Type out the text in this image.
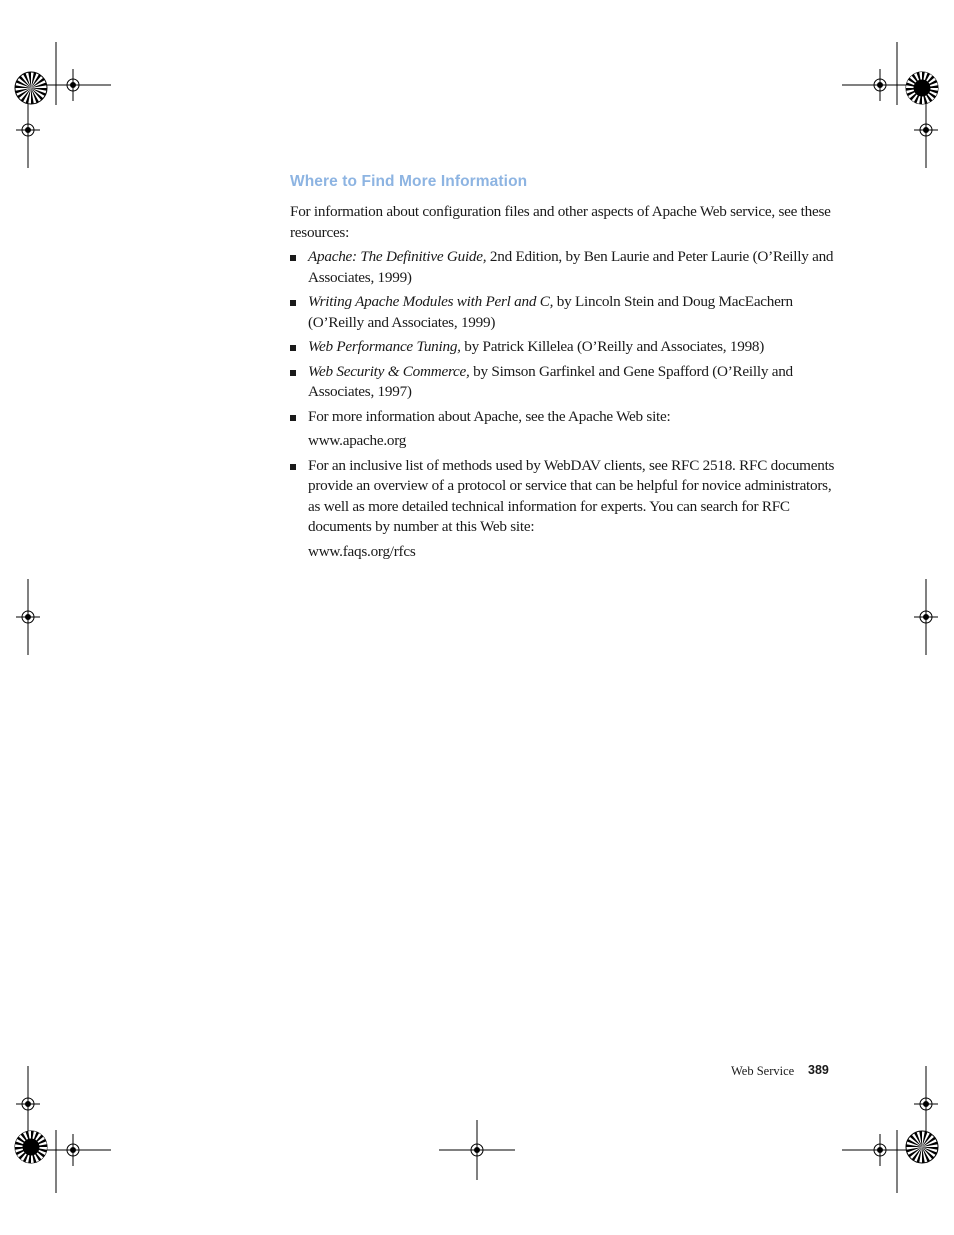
Where to Find More Information
For information about configuration files and other aspects of Apache Web service, see these resources:

Apache: The Definitive Guide, 2nd Edition, by Ben Laurie and Peter Laurie (O’Reilly and Associates, 1999)

Writing Apache Modules with Perl and C, by Lincoln Stein and Doug MacEachern (O’Reilly and Associates, 1999)

Web Performance Tuning, by Patrick Killelea (O’Reilly and Associates, 1998)

Web Security & Commerce, by Simson Garfinkel and Gene Spafford (O’Reilly and Associates, 1997)

For more information about Apache, see the Apache Web site:

www.apache.org

For an inclusive list of methods used by WebDAV clients, see RFC 2518. RFC documents provide an overview of a protocol or service that can be helpful for novice administrators, as well as more detailed technical information for experts. You can search for RFC documents by number at this Web site:

www.faqs.org/rfcs

Web Service 389
